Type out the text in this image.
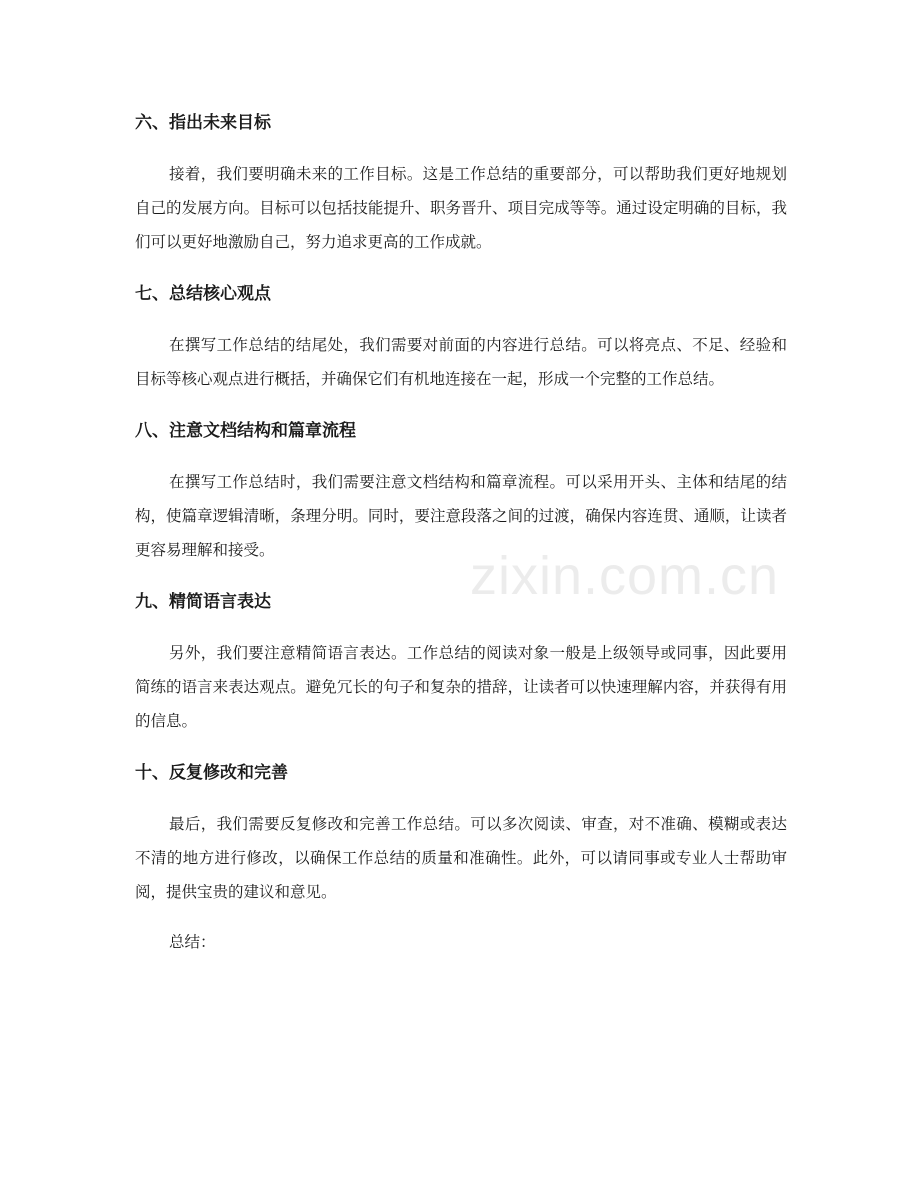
六、指出未来目标

接着，我们要明确未来的工作目标。这是工作总结的重要部分，可以帮助我们更好地规划自己的发展方向。目标可以包括技能提升、职务晋升、项目完成等等。通过设定明确的目标，我们可以更好地激励自己，努力追求更高的工作成就。

七、总结核心观点

在撰写工作总结的结尾处，我们需要对前面的内容进行总结。可以将亮点、不足、经验和目标等核心观点进行概括，并确保它们有机地连接在一起，形成一个完整的工作总结。

八、注意文档结构和篇章流程

在撰写工作总结时，我们需要注意文档结构和篇章流程。可以采用开头、主体和结尾的结构，使篇章逻辑清晰，条理分明。同时，要注意段落之间的过渡，确保内容连贯、通顺，让读者更容易理解和接受。

九、精简语言表达

另外，我们要注意精简语言表达。工作总结的阅读对象一般是上级领导或同事，因此要用简练的语言来表达观点。避免冗长的句子和复杂的措辞，让读者可以快速理解内容，并获得有用的信息。

十、反复修改和完善

最后，我们需要反复修改和完善工作总结。可以多次阅读、审查，对不准确、模糊或表达不清的地方进行修改，以确保工作总结的质量和准确性。此外，可以请同事或专业人士帮助审阅，提供宝贵的建议和意见。

总结：

zixin.com.cn
